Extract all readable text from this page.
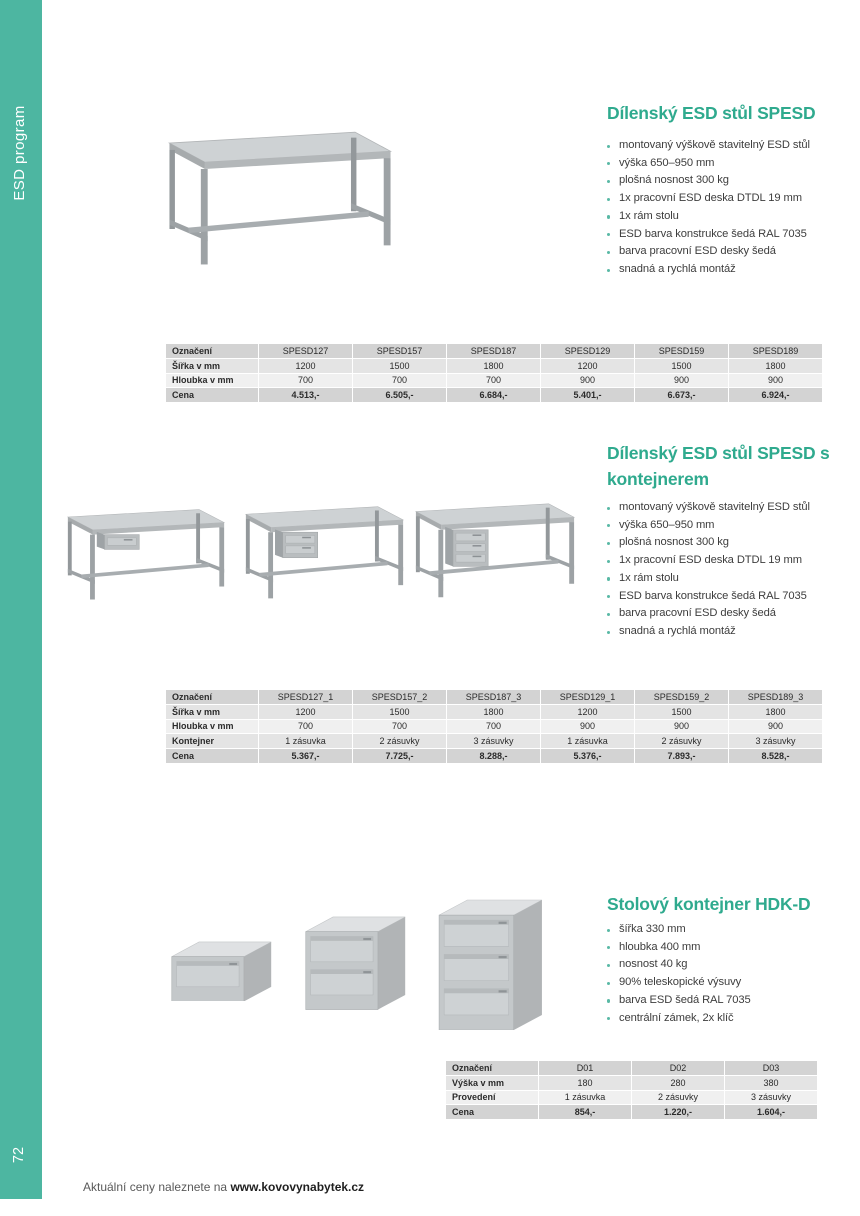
ESD program
72
Dílenský ESD stůl SPESD
montovaný výškově stavitelný ESD stůl
výška 650–950 mm
plošná nosnost 300 kg
1x pracovní ESD deska DTDL 19 mm
1x rám stolu
ESD barva konstrukce šedá RAL 7035
barva pracovní ESD desky šedá
snadná a rychlá montáž
Označení	SPESD127	SPESD157	SPESD187	SPESD129	SPESD159	SPESD189
Šířka v mm	1200	1500	1800	1200	1500	1800
Hloubka v mm	700	700	700	900	900	900
Cena	4.513,-	6.505,-	6.684,-	5.401,-	6.673,-	6.924,-
Dílenský ESD stůl SPESD s kontejnerem
montovaný výškově stavitelný ESD stůl
výška 650–950 mm
plošná nosnost 300 kg
1x pracovní ESD deska DTDL 19 mm
1x rám stolu
ESD barva konstrukce šedá RAL 7035
barva pracovní ESD desky šedá
snadná a rychlá montáž
Označení	SPESD127_1	SPESD157_2	SPESD187_3	SPESD129_1	SPESD159_2	SPESD189_3
Šířka v mm	1200	1500	1800	1200	1500	1800
Hloubka v mm	700	700	700	900	900	900
Kontejner	1 zásuvka	2 zásuvky	3 zásuvky	1 zásuvka	2 zásuvky	3 zásuvky
Cena	5.367,-	7.725,-	8.288,-	5.376,-	7.893,-	8.528,-
Stolový kontejner HDK-D
šířka 330 mm
hloubka 400 mm
nosnost 40 kg
90% teleskopické výsuvy
barva ESD šedá RAL 7035
centrální zámek, 2x klíč
Označení	D01	D02	D03
Výška v mm	180	280	380
Provedení	1 zásuvka	2 zásuvky	3 zásuvky
Cena	854,-	1.220,-	1.604,-
Aktuální ceny naleznete na www.kovovynabytek.cz
